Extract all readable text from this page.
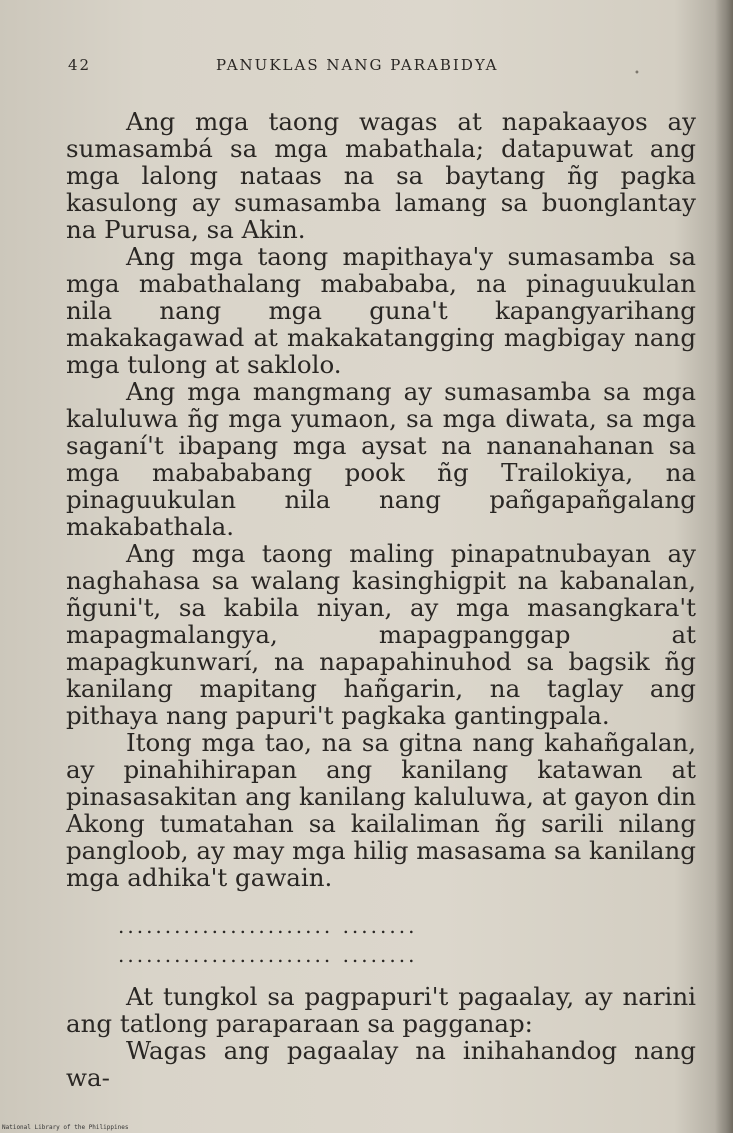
42	PANUKLAS NANG PARABIDYA	•

Ang mga taong wagas at napakaayos ay sumasambá sa mga mabathala; datapuwat ang mga lalong nataas na sa baytang ñg pagka kasulong ay sumasamba lamang sa buonglantay na Purusa, sa Akin.

Ang mga taong mapithaya'y sumasamba sa mga mabathalang mabababa, na pinaguukulan nila nang mga guna't kapangyarihang makakagawad at makakatangging magbigay nang mga tulong at saklolo.

Ang mga mangmang ay sumasamba sa mga kaluluwa ñg mga yumaon, sa mga diwata, sa mga saganí't ibapang mga aysat na nananahanan sa mga mabababang pook ñg Trailokiya, na pinaguukulan nila nang pañgapañgalang makabathala.

Ang mga taong maling pinapatnubayan ay naghahasa sa walang kasinghigpit na kabanalan, ñguni't, sa kabila niyan, ay mga masangkara't mapagmalangya, mapagpanggap at mapagkunwarí, na napapahinuhod sa bagsik ñg kanilang mapitang hañgarin, na taglay ang pithaya nang papuri't pagkaka gantingpala.

Itong mga tao, na sa gitna nang kahañgalan, ay pinahihirapan ang kanilang katawan at pinasasakitan ang kanilang kaluluwa, at gayon din Akong tumatahan sa kailaliman ñg sarili nilang pangloob, ay may mga hilig masasama sa kanilang mga adhika't gawain.

....................... ........
....................... ........

At tungkol sa pagpapuri't pagaalay, ay narini ang tatlong paraparaan sa pagganap:

Wagas ang pagaalay na inihahandog nang wa-

National Library of the Philippines
